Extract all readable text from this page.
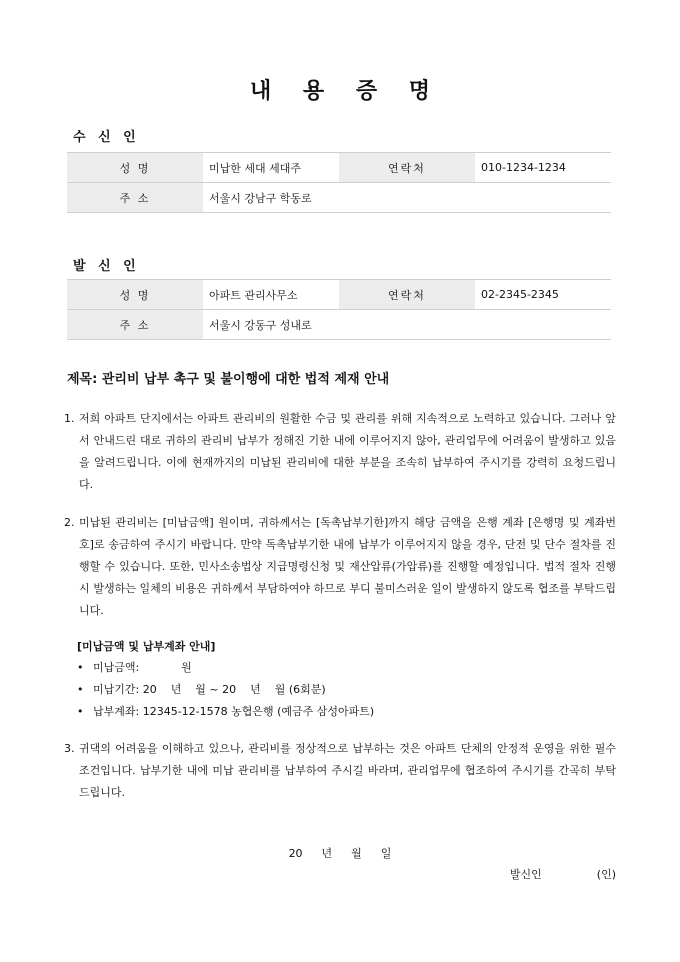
내 용 증 명
수 신 인
성 명	미납한 세대 세대주	연락처	010-1234-1234
주 소	서울시 강남구 학동로		
발 신 인
성 명	아파트 관리사무소	연락처	02-2345-2345
주 소	서울시 강동구 성내로		
제목: 관리비 납부 촉구 및 불이행에 대한 법적 제재 안내
1. 저희 아파트 단지에서는 아파트 관리비의 원활한 수금 및 관리를 위해 지속적으로 노력하고 있습니다. 그러나 앞서 안내드린 대로 귀하의 관리비 납부가 정해진 기한 내에 이루어지지 않아, 관리업무에 어려움이 발생하고 있음을 알려드립니다. 이에 현재까지의 미납된 관리비에 대한 부분을 조속히 납부하여 주시기를 강력히 요청드립니다.
2. 미납된 관리비는 [미납금액] 원이며, 귀하께서는 [독촉납부기한]까지 해당 금액을 은행 계좌 [은행명 및 계좌번호]로 송금하여 주시기 바랍니다. 만약 독촉납부기한 내에 납부가 이루어지지 않을 경우, 단전 및 단수 절차를 진행할 수 있습니다. 또한, 민사소송법상 지급명령신청 및 재산압류(가압류)를 진행할 예정입니다. 법적 절차 진행 시 발생하는 일체의 비용은 귀하께서 부담하여야 하므로 부디 불미스러운 일이 발생하지 않도록 협조를 부탁드립니다.
[미납금액 및 납부계좌 안내]
• 미납금액:            원
• 미납기간: 20    년    월 ~ 20    년    월 (6회분)
• 납부계좌: 12345-12-1578 농협은행 (예금주 삼성아파트)
3. 귀댁의 어려움을 이해하고 있으나, 관리비를 정상적으로 납부하는 것은 아파트 단체의 안정적 운영을 위한 필수 조건입니다. 납부기한 내에 미납 관리비를 납부하여 주시길 바라며, 관리업무에 협조하여 주시기를 간곡히 부탁드립니다.
20  년  월  일
발신인	(인)
